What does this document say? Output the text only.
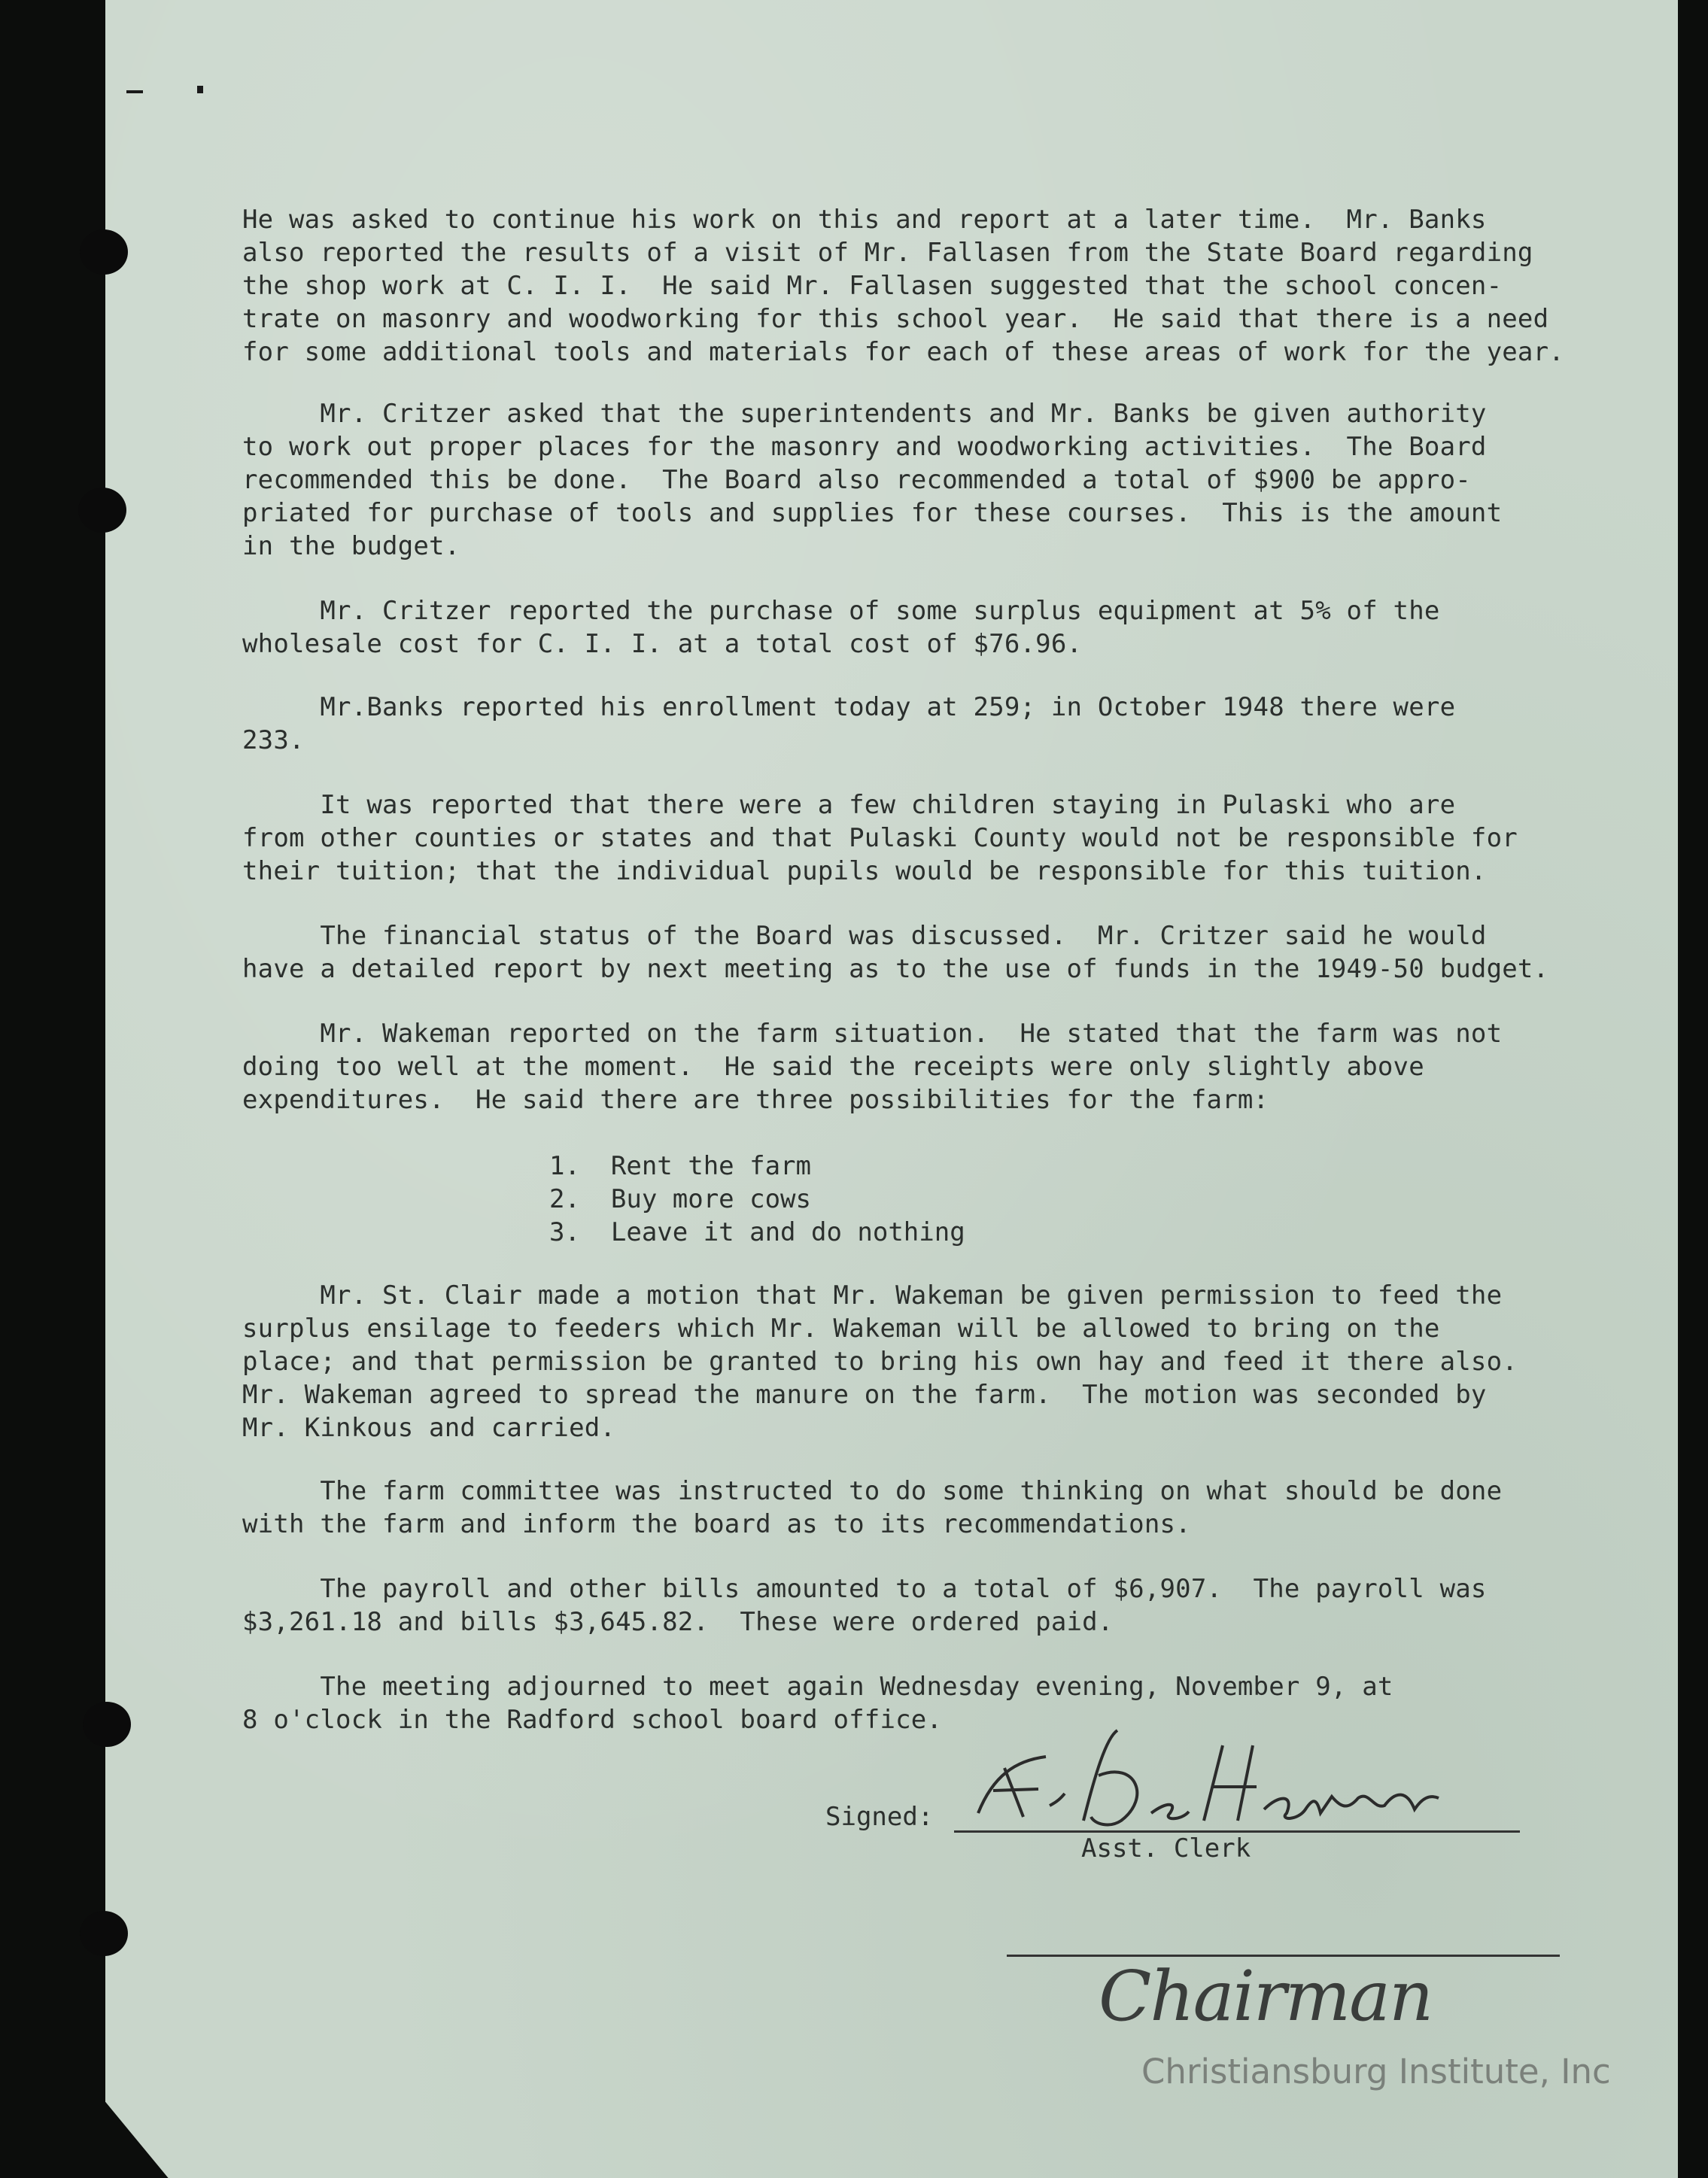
He was asked to continue his work on this and report at a later time.  Mr. Banks
also reported the results of a visit of Mr. Fallasen from the State Board regarding
the shop work at C. I. I.  He said Mr. Fallasen suggested that the school concen-
trate on masonry and woodworking for this school year.  He said that there is a need
for some additional tools and materials for each of these areas of work for the year.
Mr. Critzer asked that the superintendents and Mr. Banks be given authority
to work out proper places for the masonry and woodworking activities.  The Board
recommended this be done.  The Board also recommended a total of $900 be appro-
priated for purchase of tools and supplies for these courses.  This is the amount
in the budget.
Mr. Critzer reported the purchase of some surplus equipment at 5% of the
wholesale cost for C. I. I. at a total cost of $76.96.
Mr.Banks reported his enrollment today at 259; in October 1948 there were
233.
It was reported that there were a few children staying in Pulaski who are
from other counties or states and that Pulaski County would not be responsible for
their tuition; that the individual pupils would be responsible for this tuition.
The financial status of the Board was discussed.  Mr. Critzer said he would
have a detailed report by next meeting as to the use of funds in the 1949-50 budget.
Mr. Wakeman reported on the farm situation.  He stated that the farm was not
doing too well at the moment.  He said the receipts were only slightly above
expenditures.  He said there are three possibilities for the farm:
1.  Rent the farm
2.  Buy more cows
3.  Leave it and do nothing
Mr. St. Clair made a motion that Mr. Wakeman be given permission to feed the
surplus ensilage to feeders which Mr. Wakeman will be allowed to bring on the
place; and that permission be granted to bring his own hay and feed it there also.
Mr. Wakeman agreed to spread the manure on the farm.  The motion was seconded by
Mr. Kinkous and carried.
The farm committee was instructed to do some thinking on what should be done
with the farm and inform the board as to its recommendations.
The payroll and other bills amounted to a total of $6,907.  The payroll was
$3,261.18 and bills $3,645.82.  These were ordered paid.
The meeting adjourned to meet again Wednesday evening, November 9, at
8 o'clock in the Radford school board office.
Signed:
Asst. Clerk
Chairman
Christiansburg Institute, Inc
